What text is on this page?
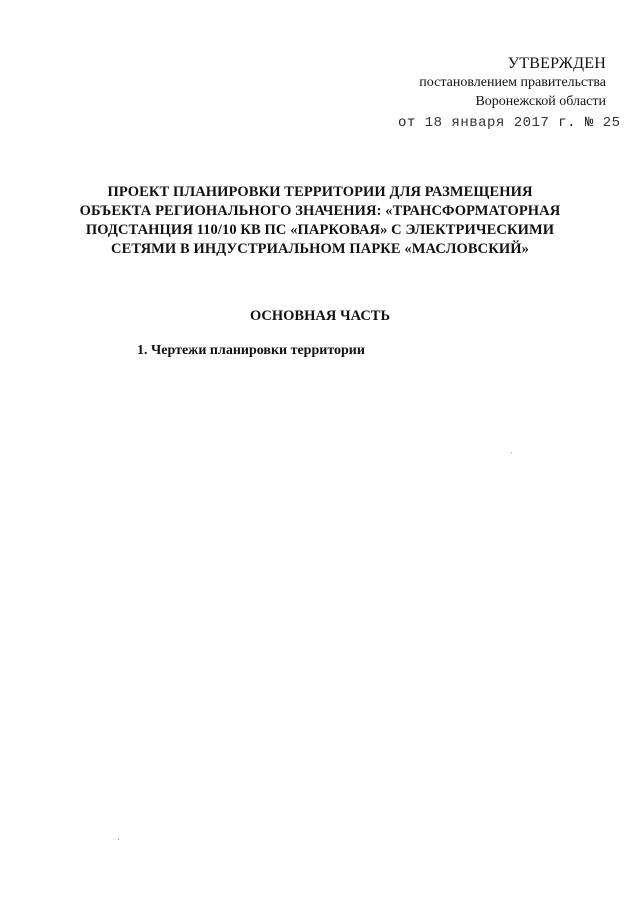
УТВЕРЖДЕН
постановлением правительства
Воронежской области
от 18 января 2017 г. № 25
ПРОЕКТ ПЛАНИРОВКИ ТЕРРИТОРИИ ДЛЯ РАЗМЕЩЕНИЯ
ОБЪЕКТА РЕГИОНАЛЬНОГО ЗНАЧЕНИЯ: «ТРАНСФОРМАТОРНАЯ
ПОДСТАНЦИЯ 110/10 КВ ПС «ПАРКОВАЯ» С ЭЛЕКТРИЧЕСКИМИ
СЕТЯМИ В ИНДУСТРИАЛЬНОМ ПАРКЕ «МАСЛОВСКИЙ»
ОСНОВНАЯ ЧАСТЬ
1. Чертежи планировки территории
